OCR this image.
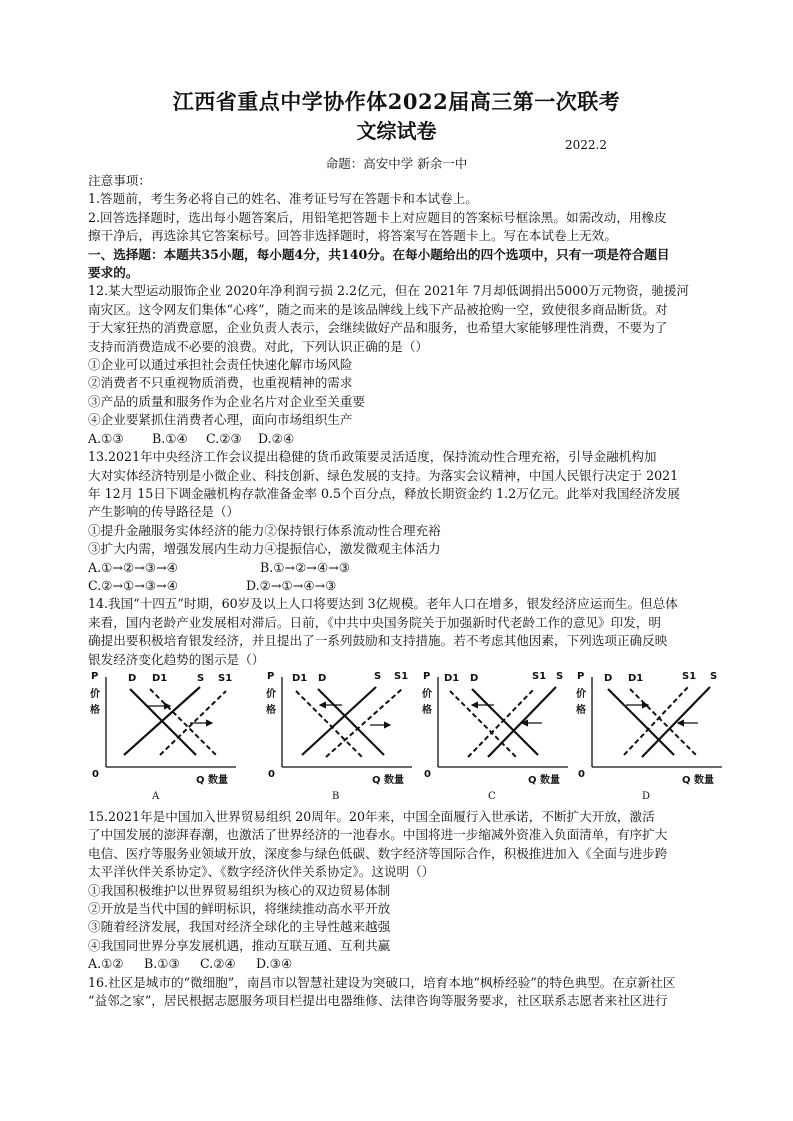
江西省重点中学协作体2022届高三第一次联考
文综试卷
2022.2
命题：高安中学 新余一中

注意事项：

1.答题前，考生务必将自己的姓名、准考证号写在答题卡和本试卷上。

2.回答选择题时，选出每小题答案后，用铅笔把答题卡上对应题目的答案标号框涂黑。如需改动，用橡皮

擦干净后，再选涂其它答案标号。回答非选择题时，将答案写在答题卡上。写在本试卷上无效。

一、选择题：本题共35小题，每小题4分，共140分。在每小题给出的四个选项中，只有一项是符合题目

要求的。

12.某大型运动服饰企业 2020年净利润亏损 2.2亿元，但在 2021年 7月却低调捐出5000万元物资，驰援河

南灾区。这令网友们集体“心疼”，随之而来的是该品牌线上线下产品被抢购一空，致使很多商品断货。对

于大家狂热的消费意愿，企业负责人表示，会继续做好产品和服务，也希望大家能够理性消费，不要为了

支持而消费造成不必要的浪费。对此，下列认识正确的是（）

①企业可以通过承担社会责任快速化解市场风险

②消费者不只重视物质消费，也重视精神的需求

③产品的质量和服务作为企业名片对企业至关重要

④企业要紧抓住消费者心理，面向市场组织生产

A.①③ B.①④ C.②③ D.②④

13.2021年中央经济工作会议提出稳健的货币政策要灵活适度，保持流动性合理充裕，引导金融机构加

大对实体经济特别是小微企业、科技创新、绿色发展的支持。为落实会议精神，中国人民银行决定于 2021

年 12月 15日下调金融机构存款准备金率 0.5个百分点，释放长期资金约 1.2万亿元。此举对我国经济发展

产生影响的传导路径是（）

①提升金融服务实体经济的能力②保持银行体系流动性合理充裕

③扩大内需，增强发展内生动力④提振信心，激发微观主体活力

A.①→②→③→④	B.①→②→④→③

C.②→①→③→④	D.②→①→④→③

14.我国“十四五”时期，60岁及以上人口将要达到 3亿规模。老年人口在增多，银发经济应运而生。但总体

来看，国内老龄产业发展相对滞后。日前，《中共中央国务院关于加强新时代老龄工作的意见》印发，明

确提出要积极培育银发经济，并且提出了一系列鼓励和支持措施。若不考虑其他因素，下列选项正确反映

银发经济变化趋势的图示是（）

P
价
格
D D1	S S1
0
Q 数量
A
P
价
格
D1 D	S S1
0
Q 数量
B
P
价
格
D1 D	S1 S
0
Q 数量
C
P
价
格
D D1	S1 S
0
Q 数量
D

15.2021年是中国加入世界贸易组织 20周年。20年来，中国全面履行入世承诺，不断扩大开放，激活

了中国发展的澎湃春潮，也激活了世界经济的一池春水。中国将进一步缩减外资准入负面清单，有序扩大

电信、医疗等服务业领域开放，深度参与绿色低碳、数字经济等国际合作，积极推进加入《全面与进步跨

太平洋伙伴关系协定》、《数字经济伙伴关系协定》。这说明（）

①我国积极维护以世界贸易组织为核心的双边贸易体制

②开放是当代中国的鲜明标识，将继续推动高水平开放

③随着经济发展，我国对经济全球化的主导性越来越强

④我国同世界分享发展机遇，推动互联互通、互利共赢

A.①② B.①③ C.②④ D.③④

16.社区是城市的“微细胞”，南昌市以智慧社建设为突破口，培育本地“枫桥经验”的特色典型。在京新社区

“益邻之家”，居民根据志愿服务项目栏提出电器维修、法律咨询等服务要求，社区联系志愿者来社区进行
